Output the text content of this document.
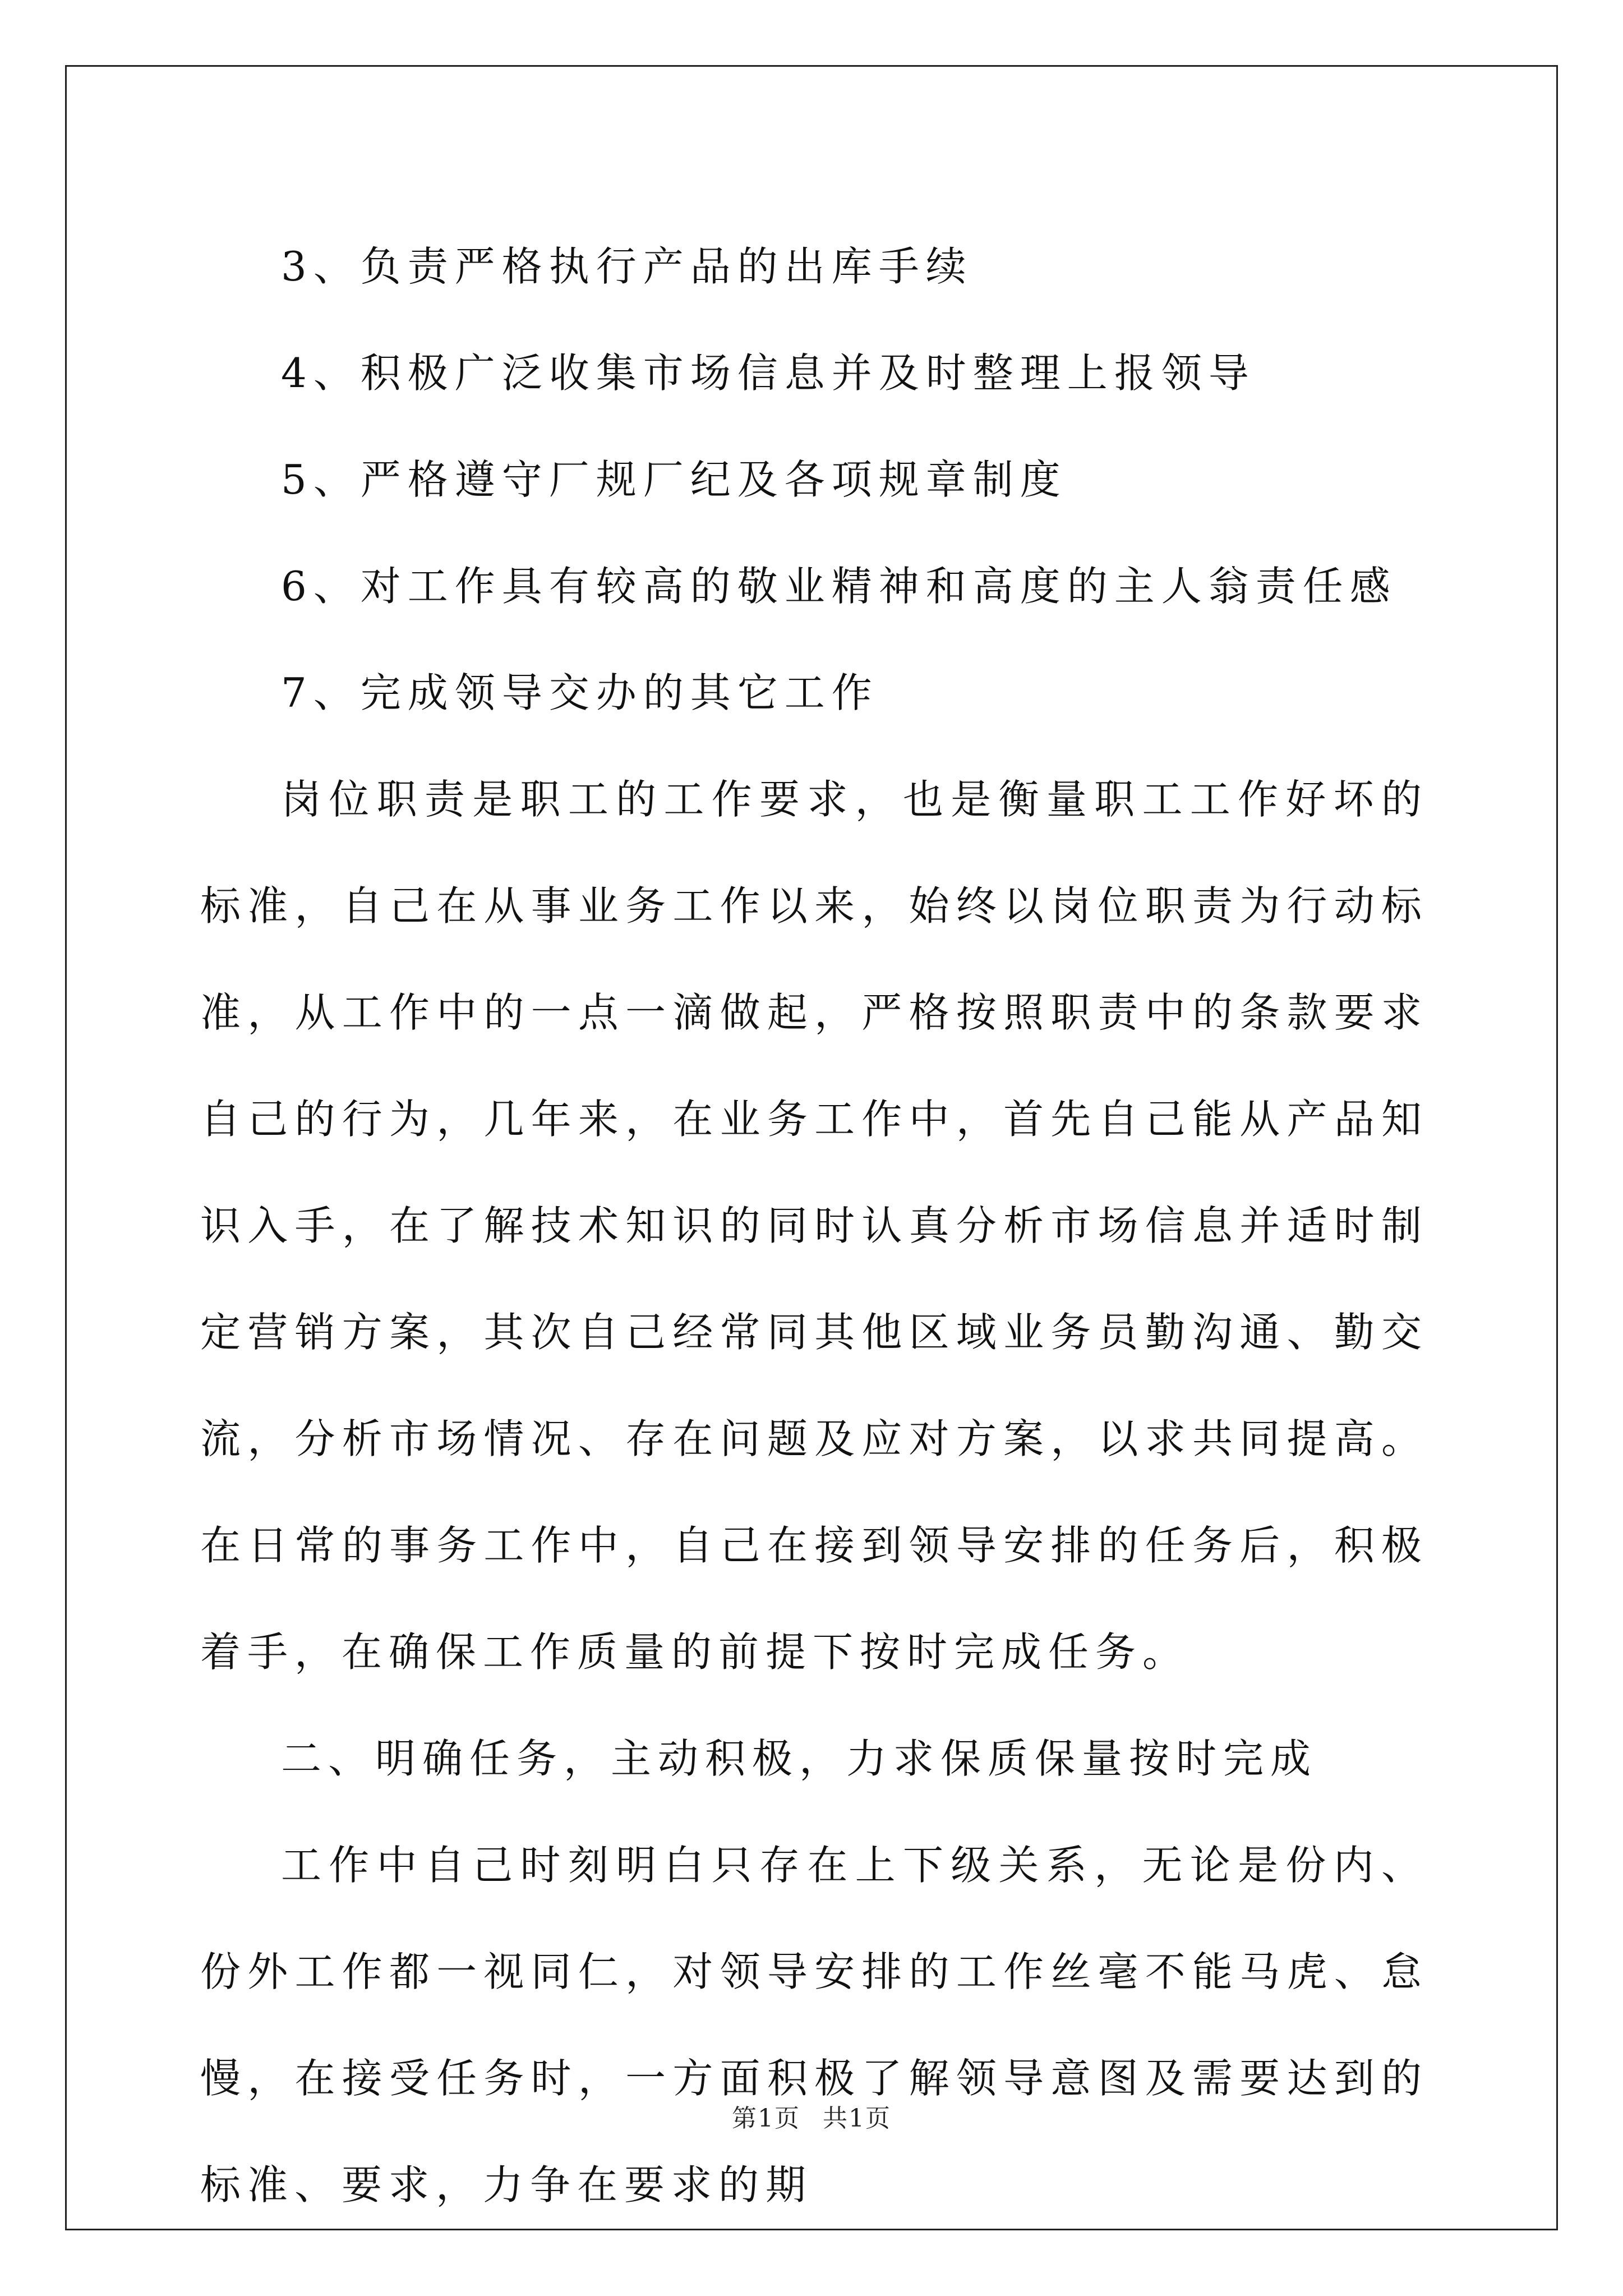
3、负责严格执行产品的出库手续

4、积极广泛收集市场信息并及时整理上报领导

5、严格遵守厂规厂纪及各项规章制度

6、对工作具有较高的敬业精神和高度的主人翁责任感

7、完成领导交办的其它工作

岗位职责是职工的工作要求，也是衡量职工工作好坏的标准，自己在从事业务工作以来，始终以岗位职责为行动标准，从工作中的一点一滴做起，严格按照职责中的条款要求自己的行为，几年来，在业务工作中，首先自己能从产品知识入手，在了解技术知识的同时认真分析市场信息并适时制定营销方案，其次自己经常同其他区域业务员勤沟通、勤交流，分析市场情况、存在问题及应对方案，以求共同提高。在日常的事务工作中，自己在接到领导安排的任务后，积极着手，在确保工作质量的前提下按时完成任务。

二、明确任务，主动积极，力求保质保量按时完成

工作中自己时刻明白只存在上下级关系，无论是份内、份外工作都一视同仁，对领导安排的工作丝毫不能马虎、怠慢，在接受任务时，一方面积极了解领导意图及需要达到的标准、要求，力争在要求的期

第1页 共1页
